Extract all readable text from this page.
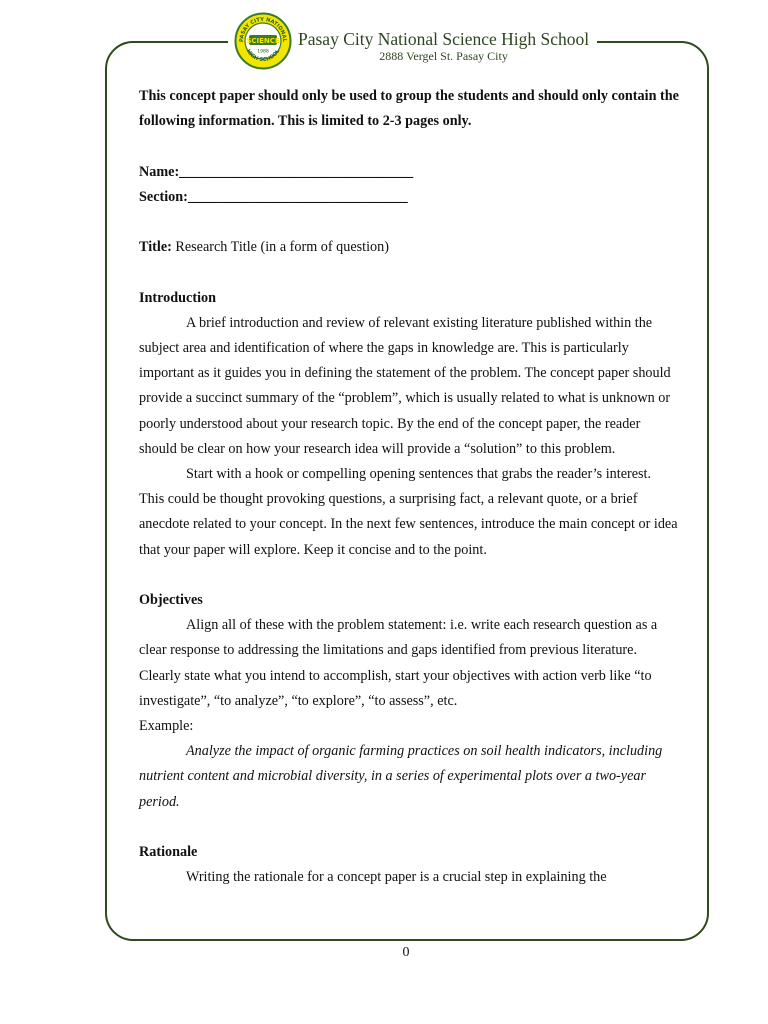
PASAY CITY NATIONAL
HIGH SCHOOL
SCIENCE
1988
Pasay City National Science High School
2888 Vergel St. Pasay City

This concept paper should only be used to group the students and should only contain the following information. This is limited to 2-3 pages only.

Name:_________________________________

Section:_______________________________

Title: Research Title (in a form of question)

Introduction

A brief introduction and review of relevant existing literature published within the subject area and identification of where the gaps in knowledge are. This is particularly important as it guides you in defining the statement of the problem. The concept paper should provide a succinct summary of the “problem”, which is usually related to what is unknown or poorly understood about your research topic. By the end of the concept paper, the reader should be clear on how your research idea will provide a “solution” to this problem.

Start with a hook or compelling opening sentences that grabs the reader’s interest. This could be thought provoking questions, a surprising fact, a relevant quote, or a brief anecdote related to your concept. In the next few sentences, introduce the main concept or idea that your paper will explore. Keep it concise and to the point.

Objectives

Align all of these with the problem statement: i.e. write each research question as a clear response to addressing the limitations and gaps identified from previous literature. Clearly state what you intend to accomplish, start your objectives with action verb like “to investigate”, “to analyze”, “to explore”, “to assess”, etc.

Example:

Analyze the impact of organic farming practices on soil health indicators, including nutrient content and microbial diversity, in a series of experimental plots over a two-year period.

Rationale

Writing the rationale for a concept paper is a crucial step in explaining the

0
